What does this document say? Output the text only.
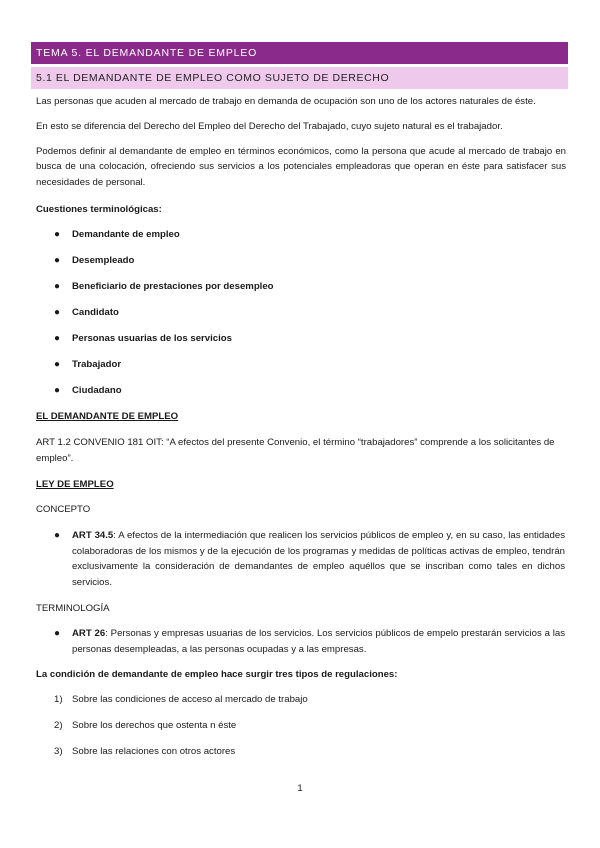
TEMA 5. EL DEMANDANTE DE EMPLEO
5.1 EL DEMANDANTE DE EMPLEO COMO SUJETO DE DERECHO
Las personas que acuden al mercado de trabajo en demanda de ocupación son uno de los actores naturales de éste.
En esto se diferencia del Derecho del Empleo del Derecho del Trabajado, cuyo sujeto natural es el trabajador.
Podemos definir al demandante de empleo en términos económicos, como la persona que acude al mercado de trabajo en busca de una colocación, ofreciendo sus servicios a los potenciales empleadoras que operan en éste para satisfacer sus necesidades de personal.
Cuestiones terminológicas:
● Demandante de empleo
● Desempleado
● Beneficiario de prestaciones por desempleo
● Candidato
● Personas usuarias de los servicios
● Trabajador
● Ciudadano
EL DEMANDANTE DE EMPLEO
ART 1.2 CONVENIO 181 OIT: “A efectos del presente Convenio, el término “trabajadores” comprende a los solicitantes de empleo”.
LEY DE EMPLEO
CONCEPTO
● ART 34.5: A efectos de la intermediación que realicen los servicios públicos de empleo y, en su caso, las entidades colaboradoras de los mismos y de la ejecución de los programas y medidas de políticas activas de empleo, tendrán exclusivamente la consideración de demandantes de empleo aquéllos que se inscriban como tales en dichos servicios.
TERMINOLOGÍA
● ART 26: Personas y empresas usuarias de los servicios. Los servicios públicos de empelo prestarán servicios a las personas desempleadas, a las personas ocupadas y a las empresas.
La condición de demandante de empleo hace surgir tres tipos de regulaciones:
1) Sobre las condiciones de acceso al mercado de trabajo
2) Sobre los derechos que ostenta n éste
3) Sobre las relaciones con otros actores
1
